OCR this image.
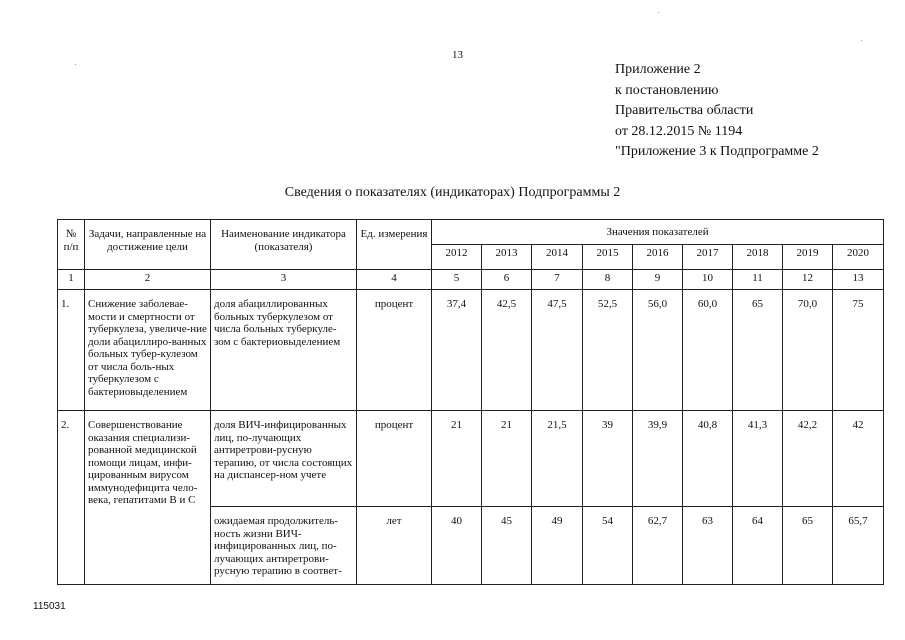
13
Приложение 2
к постановлению
Правительства области
от 28.12.2015 № 1194
"Приложение 3 к Подпрограмме 2
Сведения о показателях (индикаторах) Подпрограммы 2
№ п/п	Задачи, направленные на достижение цели	Наименование индикатора (показателя)	Ед. измерения	Значения показателей								
				2012	2013	2014	2015	2016	2017	2018	2019	2020
1	2	3	4	5	6	7	8	9	10	11	12	13
1.	Снижение заболевае-мости и смертности от туберкулеза, увеличе-ние доли абациллиро-ванных больных тубер-кулезом от числа боль-ных туберкулезом с бактериовыделением	доля абациллированных больных туберкулезом от числа больных туберкуле-зом с бактериовыделением	процент	37,4	42,5	47,5	52,5	56,0	60,0	65	70,0	75
2.	Совершенствование оказания специализи-рованной медицинской помощи лицам, инфи-цированным вирусом иммунодефицита чело-века, гепатитами В и С	доля ВИЧ-инфицированных лиц, по-лучающих антиретрови-русную терапию, от числа состоящих на диспансер-ном учете	процент	21	21	21,5	39	39,9	40,8	41,3	42,2	42
		ожидаемая продолжитель-ность жизни ВИЧ-инфицированных лиц, по-лучающих антиретрови-русную терапию в соответ-	лет	40	45	49	54	62,7	63	64	65	65,7
115031
